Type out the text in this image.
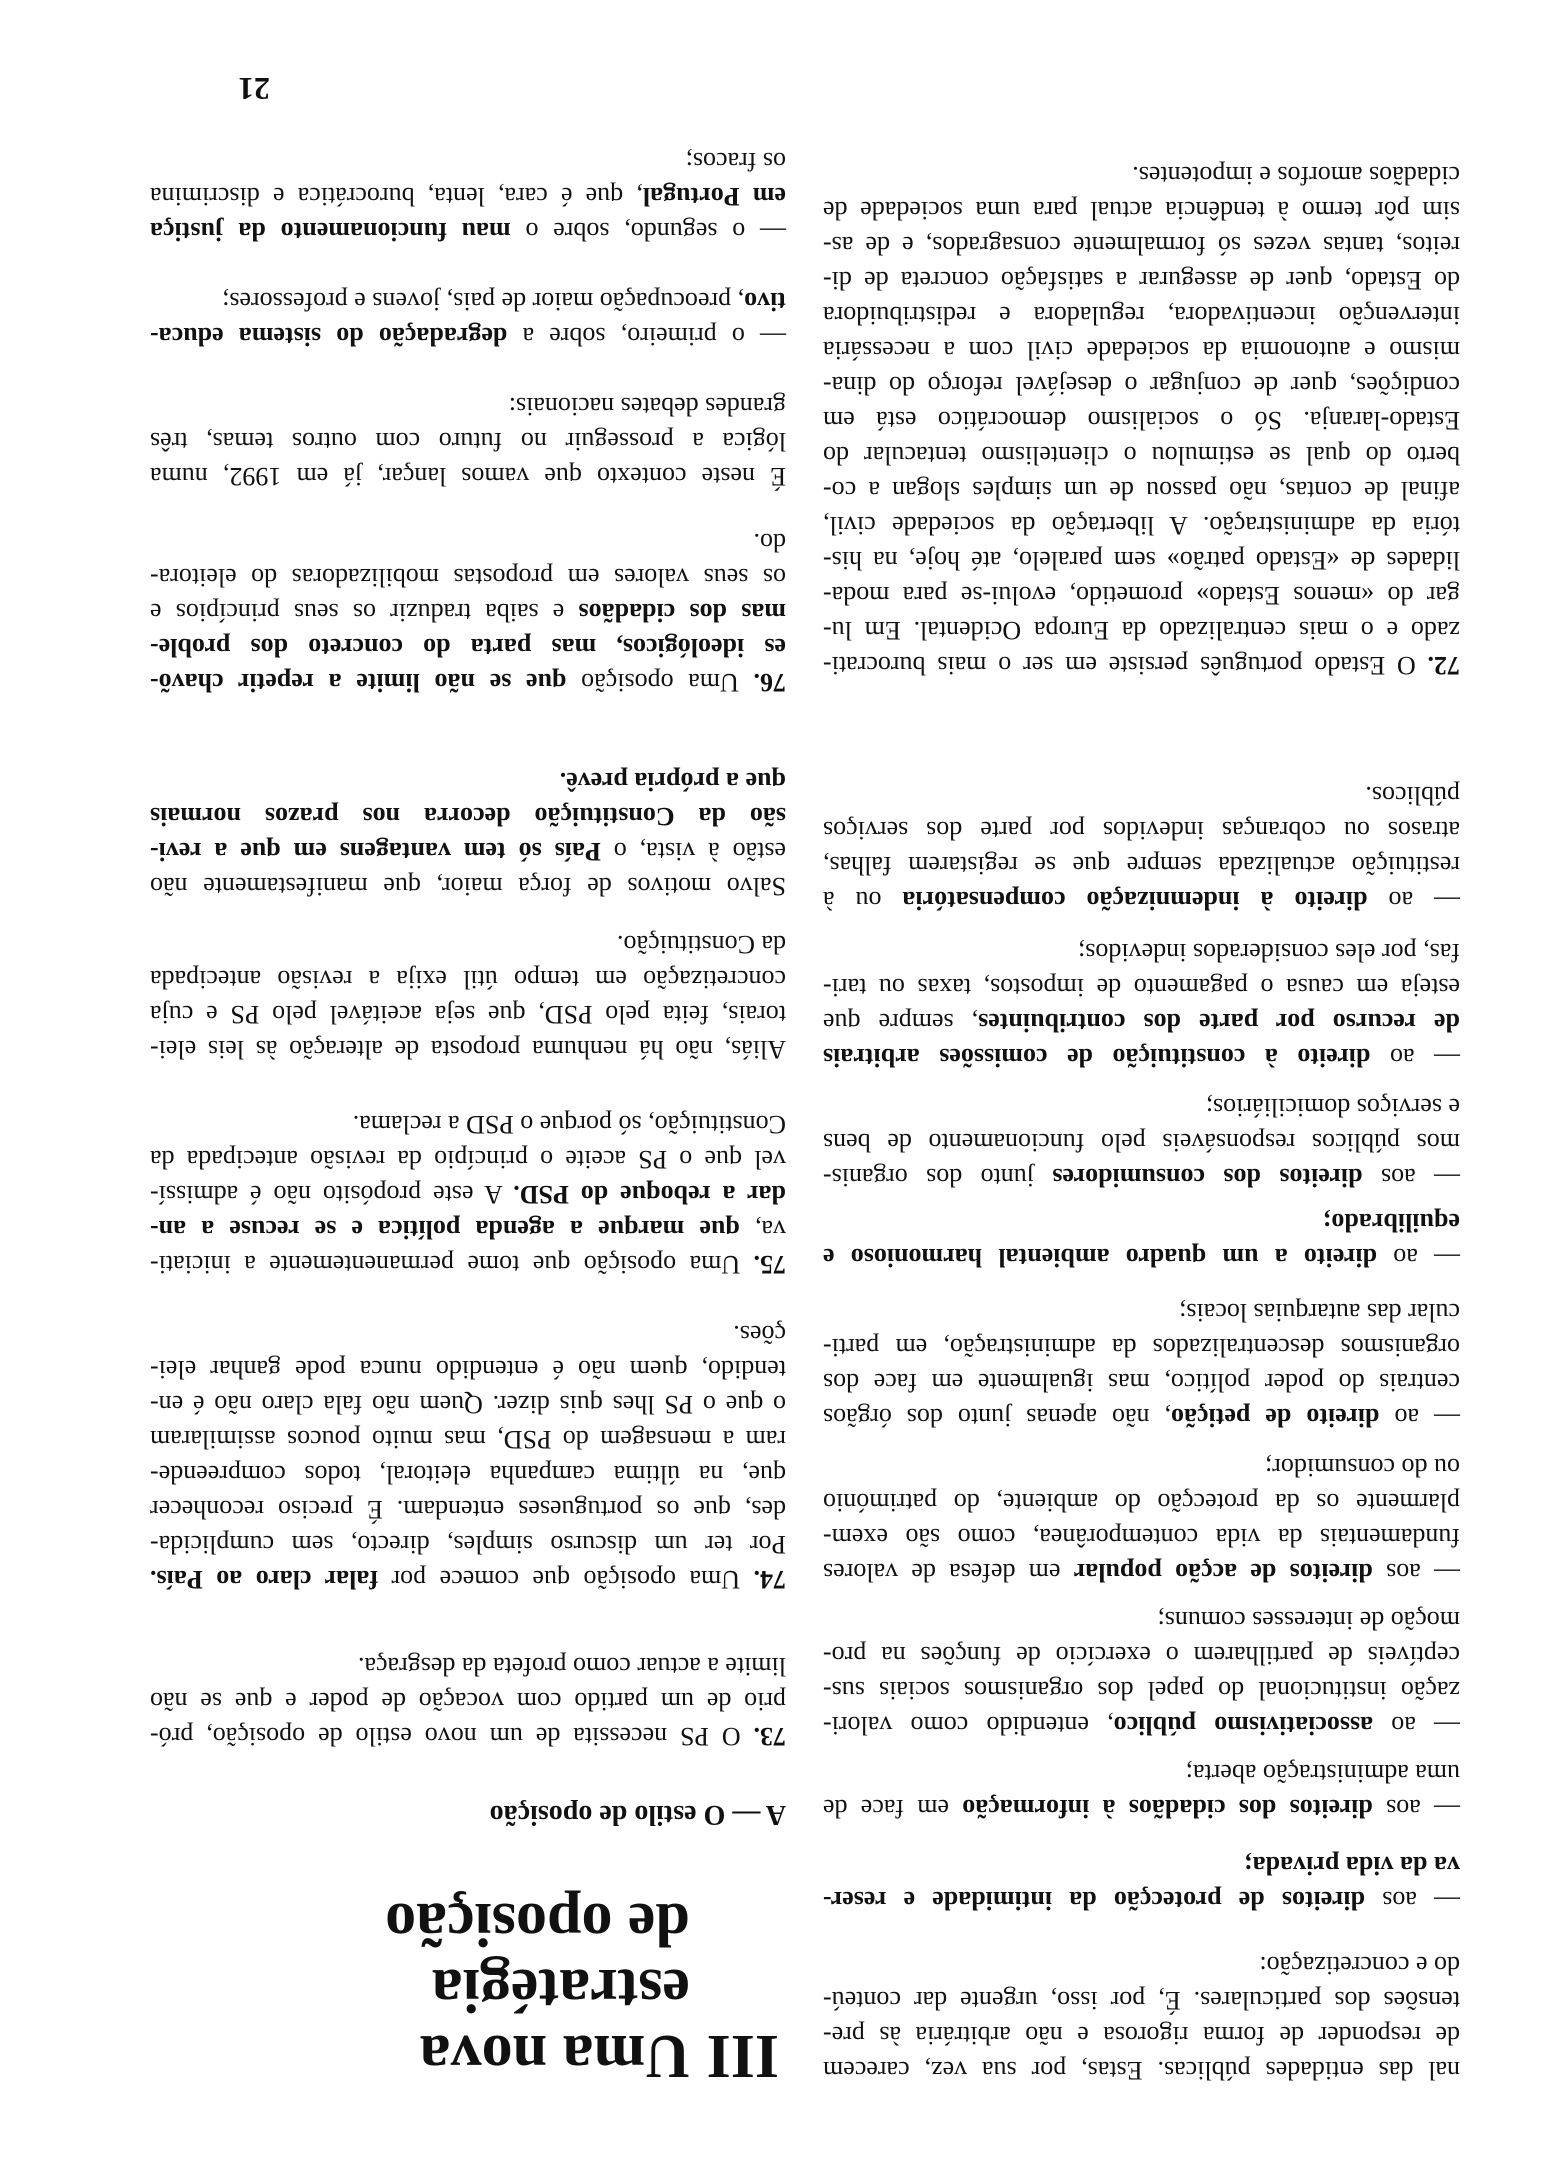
nal das entidades públicas. Estas, por sua vez, carecem
de responder de forma rigorosa e não arbitrária às pre-
tensões dos particulares. É, por isso, urgente dar conteú-
do e concretização:
— aos direitos de protecção da intimidade e reser-
va da vida privada;
— aos direitos dos cidadãos à informação em face de
uma administração aberta;
— ao associativismo público, entendido como valori-
zação institucional do papel dos organismos sociais sus-
ceptíveis de partilharem o exercício de funções na pro-
moção de interesses comuns;
— aos direitos de acção popular em defesa de valores
fundamentais da vida contemporânea, como são exem-
plarmente os da protecção do ambiente, do património
ou do consumidor;
— ao direito de petição, não apenas junto dos órgãos
centrais do poder político, mas igualmente em face dos
organismos descentralizados da administração, em parti-
cular das autarquias locais;
— ao direito a um quadro ambiental harmonioso e
equilibrado;
— aos direitos dos consumidores junto dos organis-
mos públicos responsáveis pelo funcionamento de bens
e serviços domiciliários;
— ao direito à constituição de comissões arbitrais
de recurso por parte dos contribuintes, sempre que
esteja em causa o pagamento de impostos, taxas ou tari-
fas, por eles considerados indevidos;
— ao direito à indemnização compensatória ou à
restituição actualizada sempre que se registarem falhas,
atrasos ou cobranças indevidos por parte dos serviços
públicos.
72. O Estado português persiste em ser o mais burocrati-
zado e o mais centralizado da Europa Ocidental. Em lu-
gar do «menos Estado» prometido, evolui-se para moda-
lidades de «Estado patrão» sem paralelo, até hoje, na his-
tória da administração. A libertação da sociedade civil,
afinal de contas, não passou de um simples slogan a co-
berto do qual se estimulou o clientelismo tentacular do
Estado-laranja. Só o socialismo democrático está em
condições, quer de conjugar o desejável reforço do dina-
mismo e autonomia da sociedade civil com a necessária
intervenção incentivadora, reguladora e redistribuidora
do Estado, quer de assegurar a satisfação concreta de di-
reitos, tantas vezes só formalmente consagrados, e de as-
sim pôr termo à tendência actual para uma sociedade de
cidadãos amorfos e impotentes.
III
Uma nova
estratégia
de oposição
A — O estilo de oposição
73. O PS necessita de um novo estilo de oposição, pró-
prio de um partido com vocação de poder e que se não
limite a actuar como profeta da desgraça.
74. Uma oposição que comece por falar claro ao País.
Por ter um discurso simples, directo, sem cumplicida-
des, que os portugueses entendam. É preciso reconhecer
que, na última campanha eleitoral, todos compreende-
ram a mensagem do PSD, mas muito poucos assimilaram
o que o PS lhes quis dizer. Quem não fala claro não é en-
tendido, quem não é entendido nunca pode ganhar elei-
ções.
75. Uma oposição que tome permanentemente a iniciati-
va, que marque a agenda política e se recuse a an-
dar a reboque do PSD. A este propósito não é admissí-
vel que o PS aceite o princípio da revisão antecipada da
Constituição, só porque o PSD a reclama.
Aliás, não há nenhuma proposta de alteração às leis elei-
torais, feita pelo PSD, que seja aceitável pelo PS e cuja
concretização em tempo útil exija a revisão antecipada
da Constituição.
Salvo motivos de força maior, que manifestamente não
estão à vista, o País só tem vantagens em que a revi-
são da Constituição decorra nos prazos normais
que a própria prevê.
76. Uma oposição que se não limite a repetir chavõ-
es ideológicos, mas parta do concreto dos proble-
mas dos cidadãos e saiba traduzir os seus princípios e
os seus valores em propostas mobilizadoras do eleitora-
do.
É neste contexto que vamos lançar, já em 1992, numa
lógica a prosseguir no futuro com outros temas, três
grandes debates nacionais:
— o primeiro, sobre a degradação do sistema educa-
tivo, preocupação maior de pais, jovens e professores;
— o segundo, sobre o mau funcionamento da justiça
em Portugal, que é cara, lenta, burocrática e discrimina
os fracos;
21
